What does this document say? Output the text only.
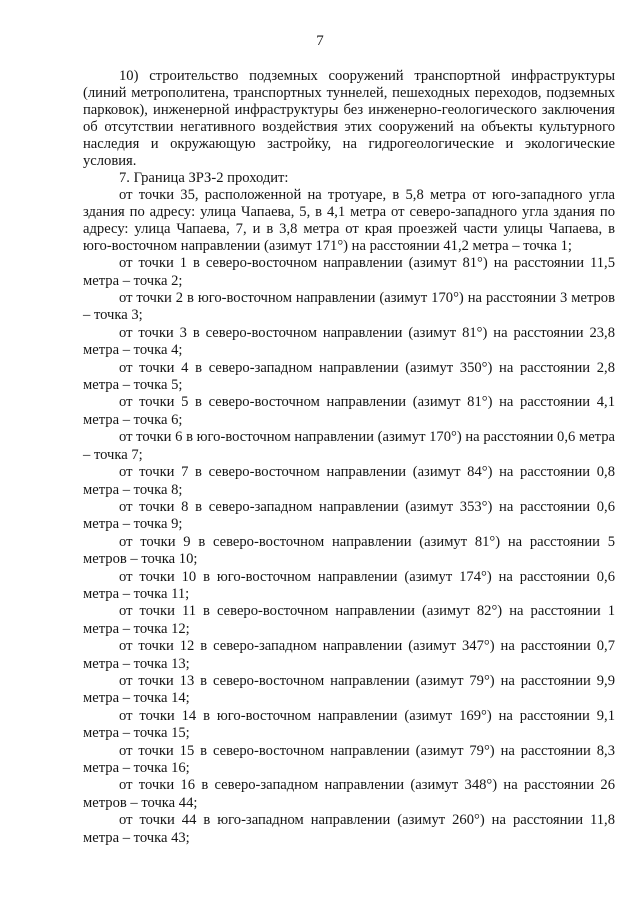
7

10) строительство подземных сооружений транспортной инфраструктуры (линий метрополитена, транспортных туннелей, пешеходных переходов, подземных парковок), инженерной инфраструктуры без инженерно-геологического заключения об отсутствии негативного воздействия этих сооружений на объекты культурного наследия и окружающую застройку, на гидрогеологические и экологические условия.

7. Граница ЗРЗ-2 проходит:

от точки 35, расположенной на тротуаре, в 5,8 метра от юго-западного угла здания по адресу: улица Чапаева, 5, в 4,1 метра от северо-западного угла здания по адресу: улица Чапаева, 7, и в 3,8 метра от края проезжей части улицы Чапаева, в юго-восточном направлении (азимут 171°) на расстоянии 41,2 метра – точка 1;

от точки 1 в северо-восточном направлении (азимут 81°) на расстоянии 11,5 метра – точка 2;
от точки 2 в юго-восточном направлении (азимут 170°) на расстоянии 3 метров – точка 3;
от точки 3 в северо-восточном направлении (азимут 81°) на расстоянии 23,8 метра – точка 4;
от точки 4 в северо-западном направлении (азимут 350°) на расстоянии 2,8 метра – точка 5;
от точки 5 в северо-восточном направлении (азимут 81°) на расстоянии 4,1 метра – точка 6;
от точки 6 в юго-восточном направлении (азимут 170°) на расстоянии 0,6 метра – точка 7;
от точки 7 в северо-восточном направлении (азимут 84°) на расстоянии 0,8 метра – точка 8;
от точки 8 в северо-западном направлении (азимут 353°) на расстоянии 0,6 метра – точка 9;
от точки 9 в северо-восточном направлении (азимут 81°) на расстоянии 5 метров – точка 10;
от точки 10 в юго-восточном направлении (азимут 174°) на расстоянии 0,6 метра – точка 11;
от точки 11 в северо-восточном направлении (азимут 82°) на расстоянии 1 метра – точка 12;
от точки 12 в северо-западном направлении (азимут 347°) на расстоянии 0,7 метра – точка 13;
от точки 13 в северо-восточном направлении (азимут 79°) на расстоянии 9,9 метра – точка 14;
от точки 14 в юго-восточном направлении (азимут 169°) на расстоянии 9,1 метра – точка 15;
от точки 15 в северо-восточном направлении (азимут 79°) на расстоянии 8,3 метра – точка 16;
от точки 16 в северо-западном направлении (азимут 348°) на расстоянии 26 метров – точка 44;
от точки 44 в юго-западном направлении (азимут 260°) на расстоянии 11,8 метра – точка 43;
